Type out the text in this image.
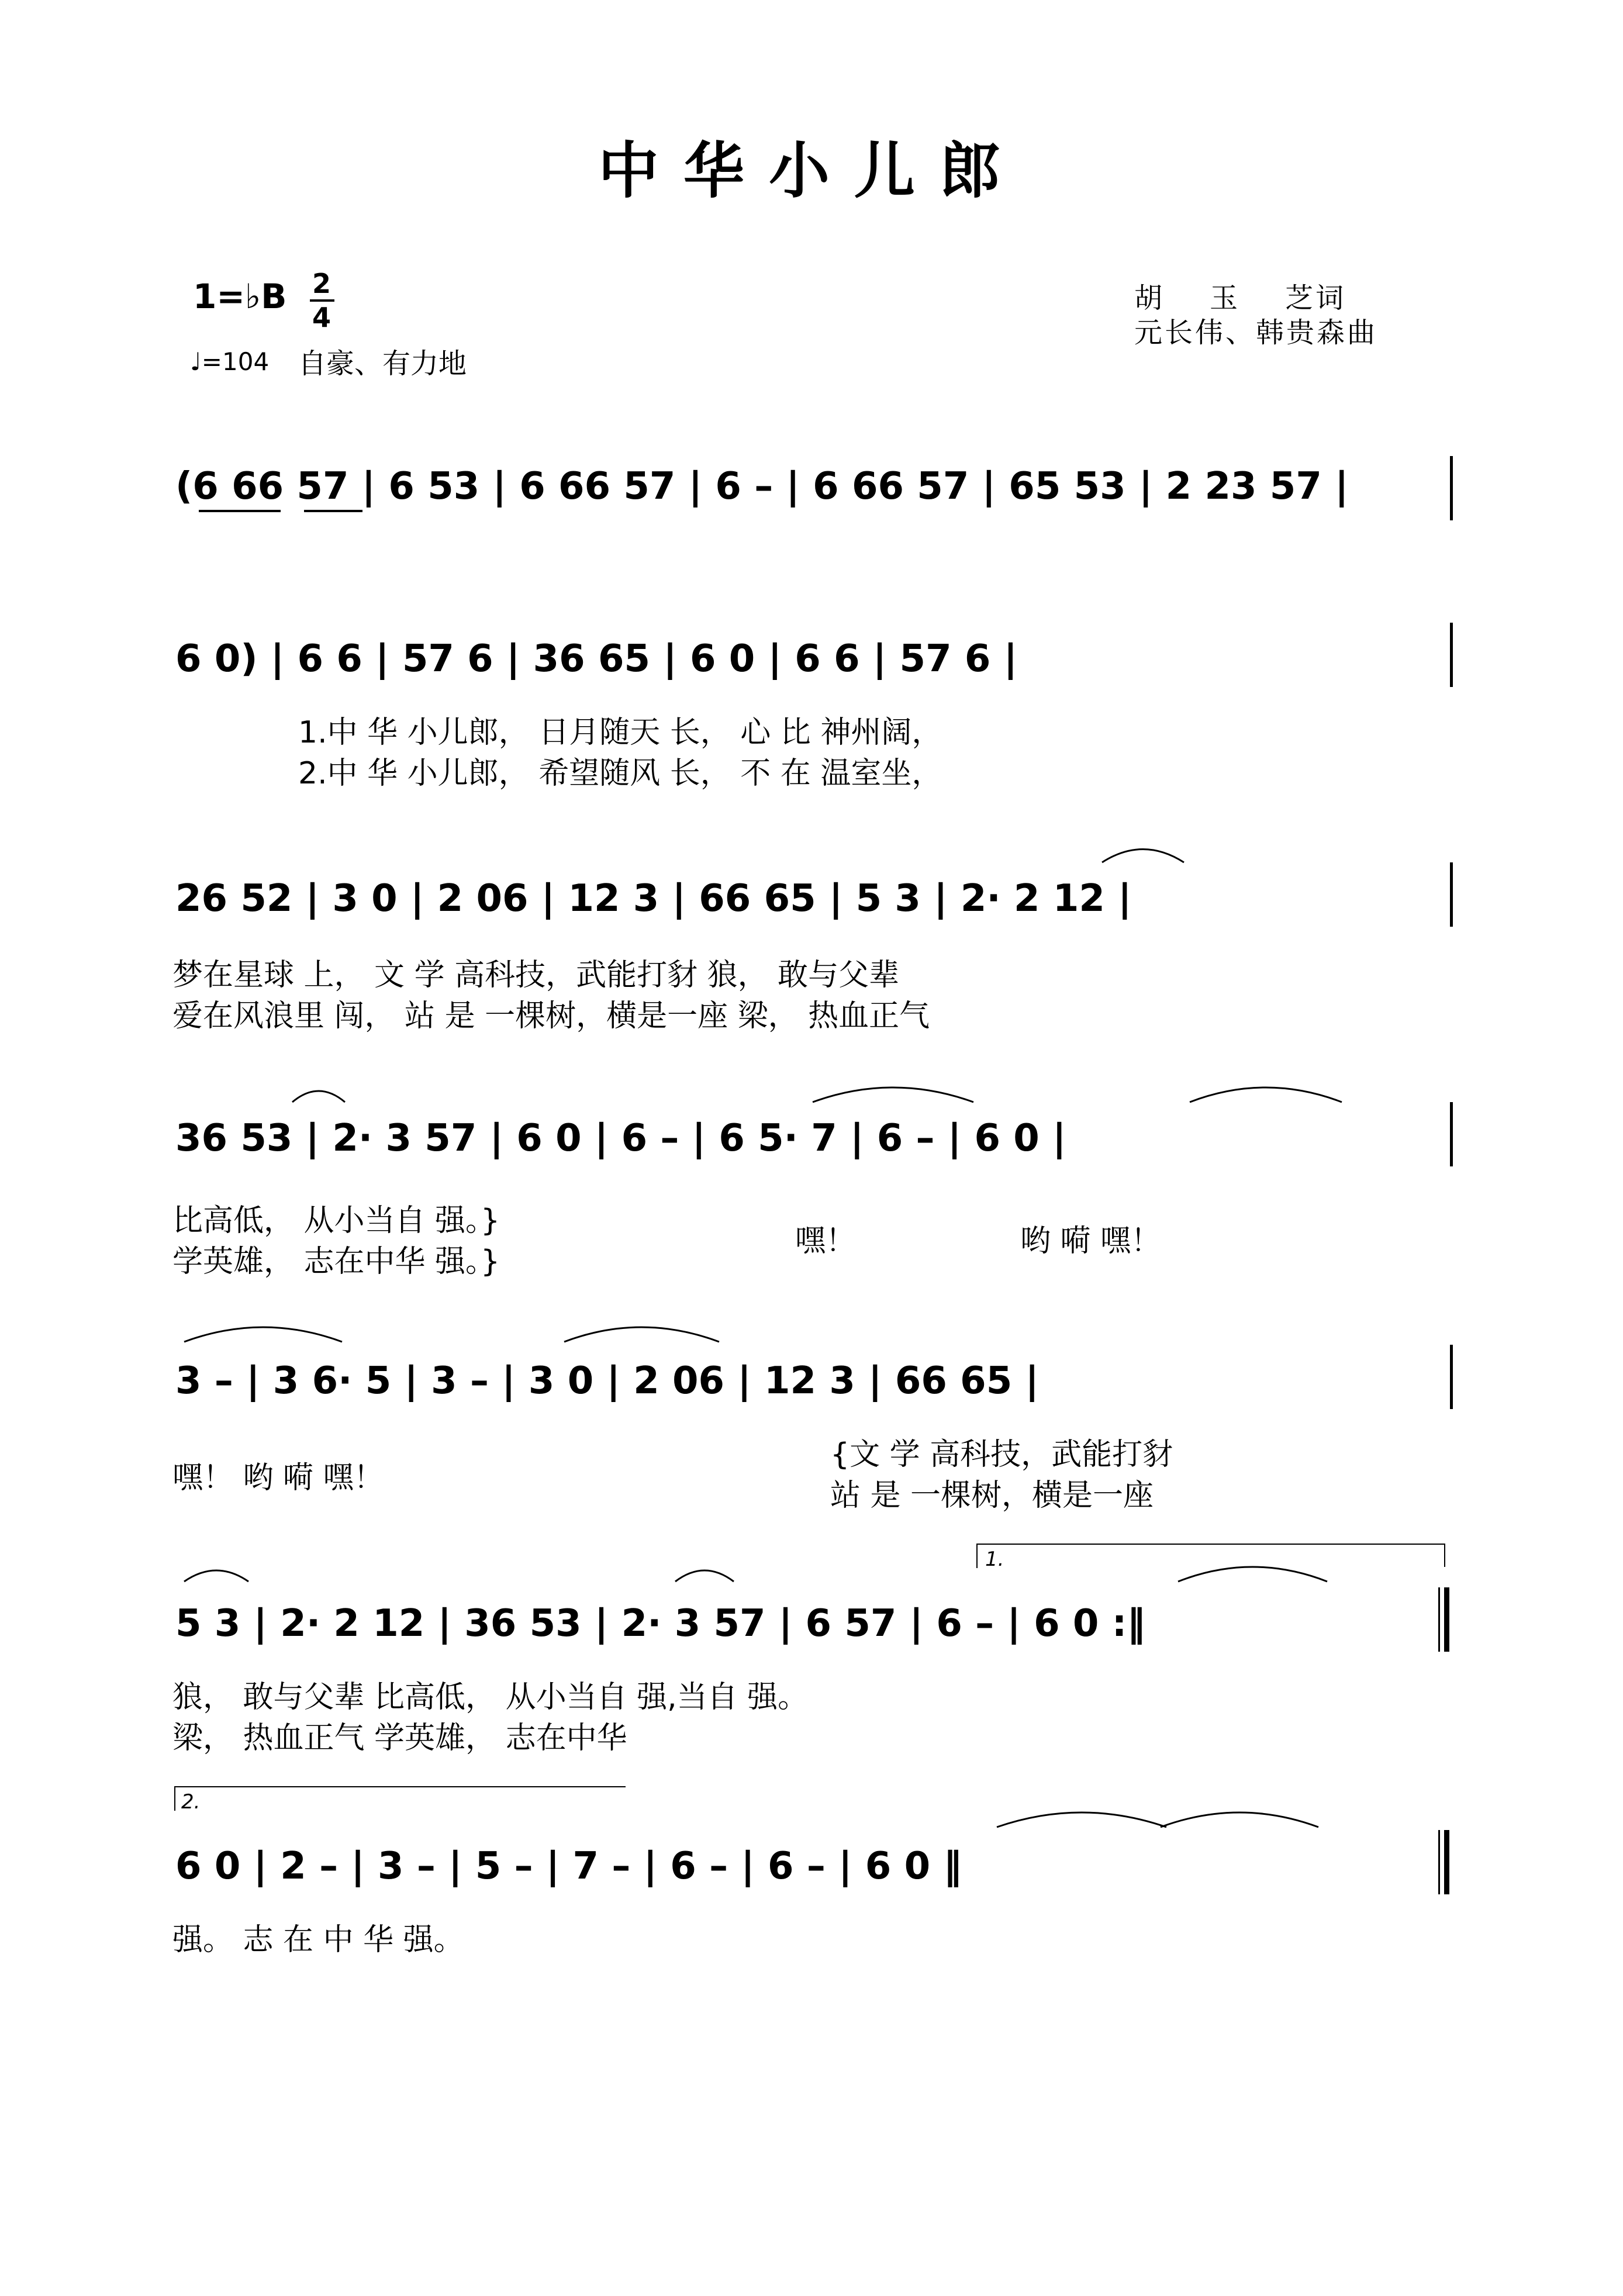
中华小儿郎
1=♭B 2
4
♩=104 自豪、有力地
胡    玉    芝词
元长伟、韩贵森曲
(6 66 57 | 6 53 | 6 66 57 | 6 – | 6 66 57 | 65 53 | 2 23 57 |
6 0) | 6 6 | 57 6 | 36 65 | 6 0 | 6 6 | 57 6 |
1.中 华 小儿郎， 日月随天 长， 心 比 神州阔，
2.中 华 小儿郎， 希望随风 长， 不 在 温室坐，
26 52 | 3 0 | 2 06 | 12 3 | 66 65 | 5 3 | 2· 2 12 |
梦在星球 上， 文 学 高科技，武能打豺 狼， 敢与父辈
爱在风浪里 闯， 站 是 一棵树，横是一座 梁， 热血正气
36 53 | 2· 3 57 | 6 0 | 6 – | 6 5· 7 | 6 – | 6 0 |
比高低， 从小当自 强。}
学英雄， 志在中华 强。}
嘿！	哟 嗬 嘿！
3 – | 3 6· 5 | 3 – | 3 0 | 2 06 | 12 3 | 66 65 |
嘿！ 哟 嗬 嘿！
{文 学 高科技，武能打豺
站 是 一棵树，横是一座
1.
5 3 | 2· 2 12 | 36 53 | 2· 3 57 | 6 57 | 6 – | 6 0 :‖
狼， 敢与父辈 比高低， 从小当自 强,当自 强。
梁， 热血正气 学英雄， 志在中华
2.
6 0 | 2 – | 3 – | 5 – | 7 – | 6 – | 6 – | 6 0 ‖
强。 志 在 中 华 强。
